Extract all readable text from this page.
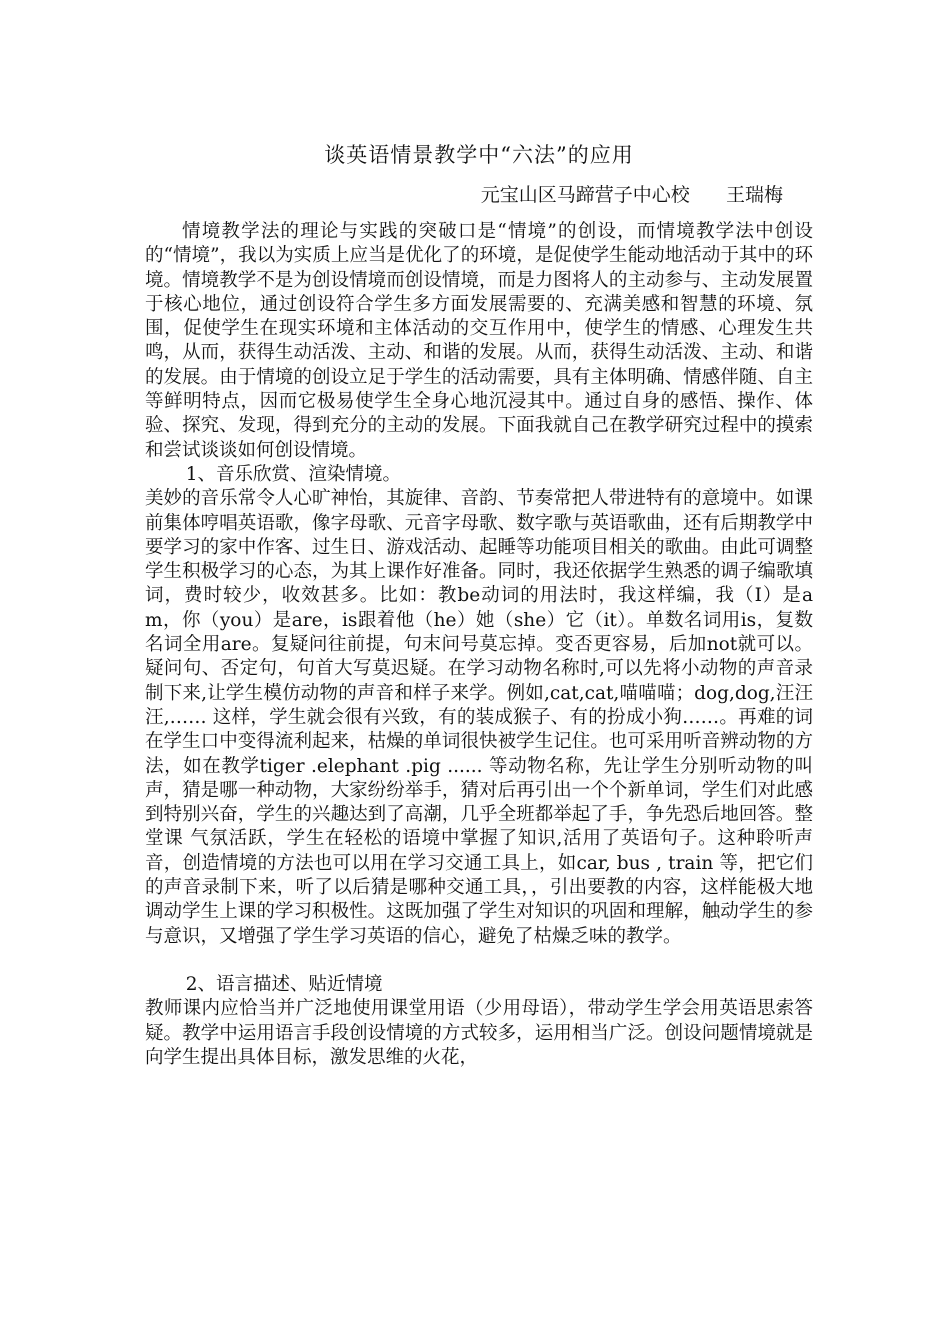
谈英语情景教学中“六法”的应用
元宝山区马蹄营子中心校      王瑞梅

情境教学法的理论与实践的突破口是“情境”的创设，而情境教学法中创设的“情境”，我以为实质上应当是优化了的环境，是促使学生能动地活动于其中的环境。情境教学不是为创设情境而创设情境，而是力图将人的主动参与、主动发展置于核心地位，通过创设符合学生多方面发展需要的、充满美感和智慧的环境、氛围，促使学生在现实环境和主体活动的交互作用中，使学生的情感、心理发生共鸣，从而，获得生动活泼、主动、和谐的发展。从而，获得生动活泼、主动、和谐的发展。由于情境的创设立足于学生的活动需要，具有主体明确、情感伴随、自主等鲜明特点，因而它极易使学生全身心地沉浸其中。通过自身的感悟、操作、体验、探究、发现，得到充分的主动的发展。下面我就自己在教学研究过程中的摸索和尝试谈谈如何创设情境。

1、音乐欣赏、渲染情境。

美妙的音乐常令人心旷神怡，其旋律、音韵、节奏常把人带进特有的意境中。如课前集体哼唱英语歌，像字母歌、元音字母歌、数字歌与英语歌曲，还有后期教学中要学习的家中作客、过生日、游戏活动、起睡等功能项目相关的歌曲。由此可调整学生积极学习的心态，为其上课作好准备。同时，我还依据学生熟悉的调子编歌填词，费时较少，收效甚多。比如：教be动词的用法时，我这样编，我（I）是am，你（you）是are，is跟着他（he）她（she）它（it）。单数名词用is，复数名词全用are。复疑问往前提，句末问号莫忘掉。变否更容易，后加not就可以。疑问句、否定句，句首大写莫迟疑。在学习动物名称时,可以先将小动物的声音录制下来,让学生模仿动物的声音和样子来学。例如,cat,cat,喵喵喵；dog,dog,汪汪汪,…… 这样，学生就会很有兴致，有的装成猴子、有的扮成小狗……。再难的词在学生口中变得流利起来，枯燥的单词很快被学生记住。也可采用听音辨动物的方法，如在教学tiger .elephant .pig ...... 等动物名称，先让学生分别听动物的叫声，猜是哪一种动物，大家纷纷举手，猜对后再引出一个个新单词，学生们对此感到特别兴奋，学生的兴趣达到了高潮，几乎全班都举起了手，争先恐后地回答。整堂课 气氛活跃，学生在轻松的语境中掌握了知识,活用了英语句子。这种聆听声音，创造情境的方法也可以用在学习交通工具上，如car, bus , train 等，把它们的声音录制下来，听了以后猜是哪种交通工具，，引出要教的内容，这样能极大地调动学生上课的学习积极性。这既加强了学生对知识的巩固和理解，触动学生的参与意识，又增强了学生学习英语的信心，避免了枯燥乏味的教学。

2、语言描述、贴近情境

教师课内应恰当并广泛地使用课堂用语（少用母语），带动学生学会用英语思索答疑。教学中运用语言手段创设情境的方式较多，运用相当广泛。创设问题情境就是向学生提出具体目标，激发思维的火花，
